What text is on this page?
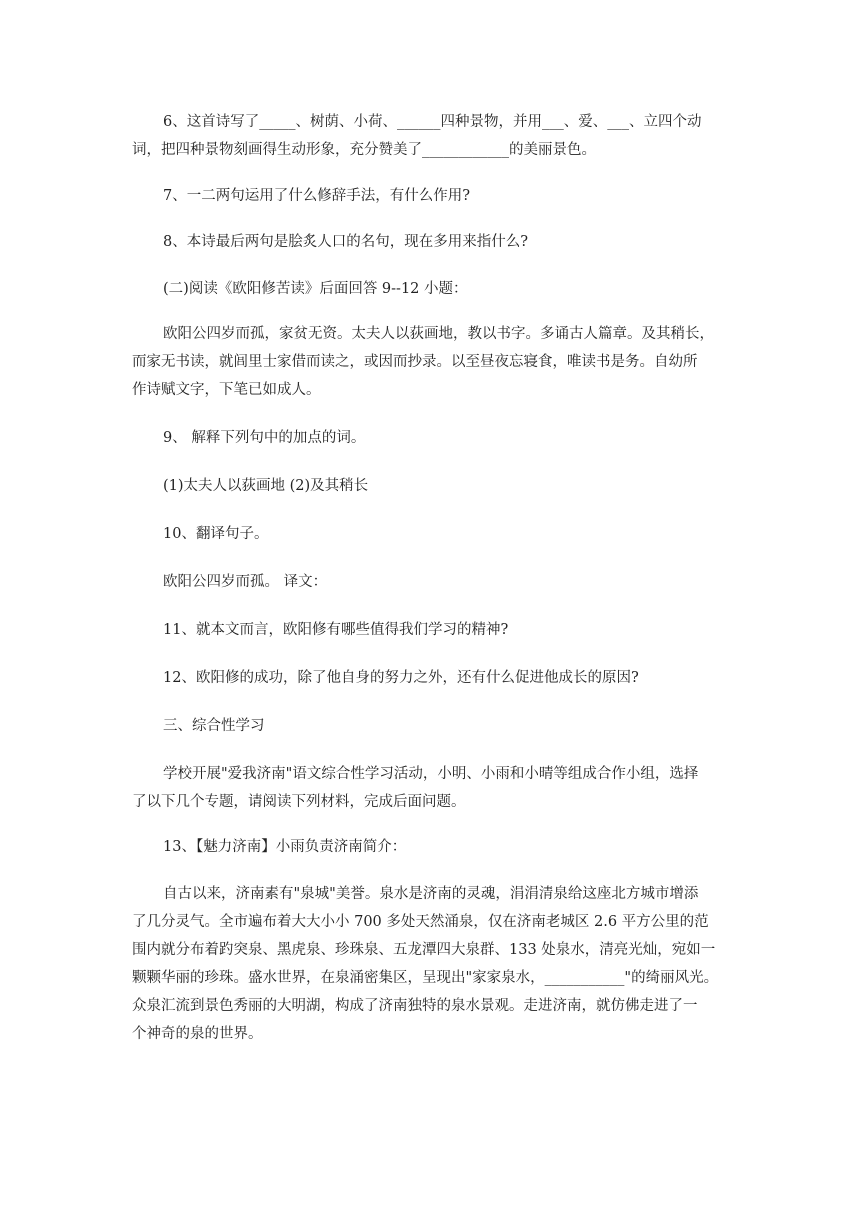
6、这首诗写了_____、树荫、小荷、______四种景物，并用___、爱、___、立四个动
词，把四种景物刻画得生动形象，充分赞美了____________的美丽景色。
7、一二两句运用了什么修辞手法，有什么作用?
8、本诗最后两句是脍炙人口的名句，现在多用来指什么?
(二)阅读《欧阳修苦读》后面回答 9--12 小题：
欧阳公四岁而孤，家贫无资。太夫人以荻画地，教以书字。多诵古人篇章。及其稍长，
而家无书读，就闾里士家借而读之，或因而抄录。以至昼夜忘寝食，唯读书是务。自幼所
作诗赋文字，下笔已如成人。
9、 解释下列句中的加点的词。
(1)太夫人以荻画地 (2)及其稍长
10、翻译句子。
欧阳公四岁而孤。 译文：
11、就本文而言，欧阳修有哪些值得我们学习的精神?
12、欧阳修的成功，除了他自身的努力之外，还有什么促进他成长的原因?
三、综合性学习
学校开展"爱我济南"语文综合性学习活动，小明、小雨和小晴等组成合作小组，选择
了以下几个专题，请阅读下列材料，完成后面问题。
13、【魅力济南】小雨负责济南简介：
自古以来，济南素有"泉城"美誉。泉水是济南的灵魂，涓涓清泉给这座北方城市增添
了几分灵气。全市遍布着大大小小 700 多处天然涌泉，仅在济南老城区 2.6 平方公里的范
围内就分布着趵突泉、黑虎泉、珍珠泉、五龙潭四大泉群、133 处泉水，清亮光灿，宛如一
颗颗华丽的珍珠。盛水世界，在泉涌密集区，呈现出"家家泉水，___________"的绮丽风光。
众泉汇流到景色秀丽的大明湖，构成了济南独特的泉水景观。走进济南，就仿佛走进了一
个神奇的泉的世界。
